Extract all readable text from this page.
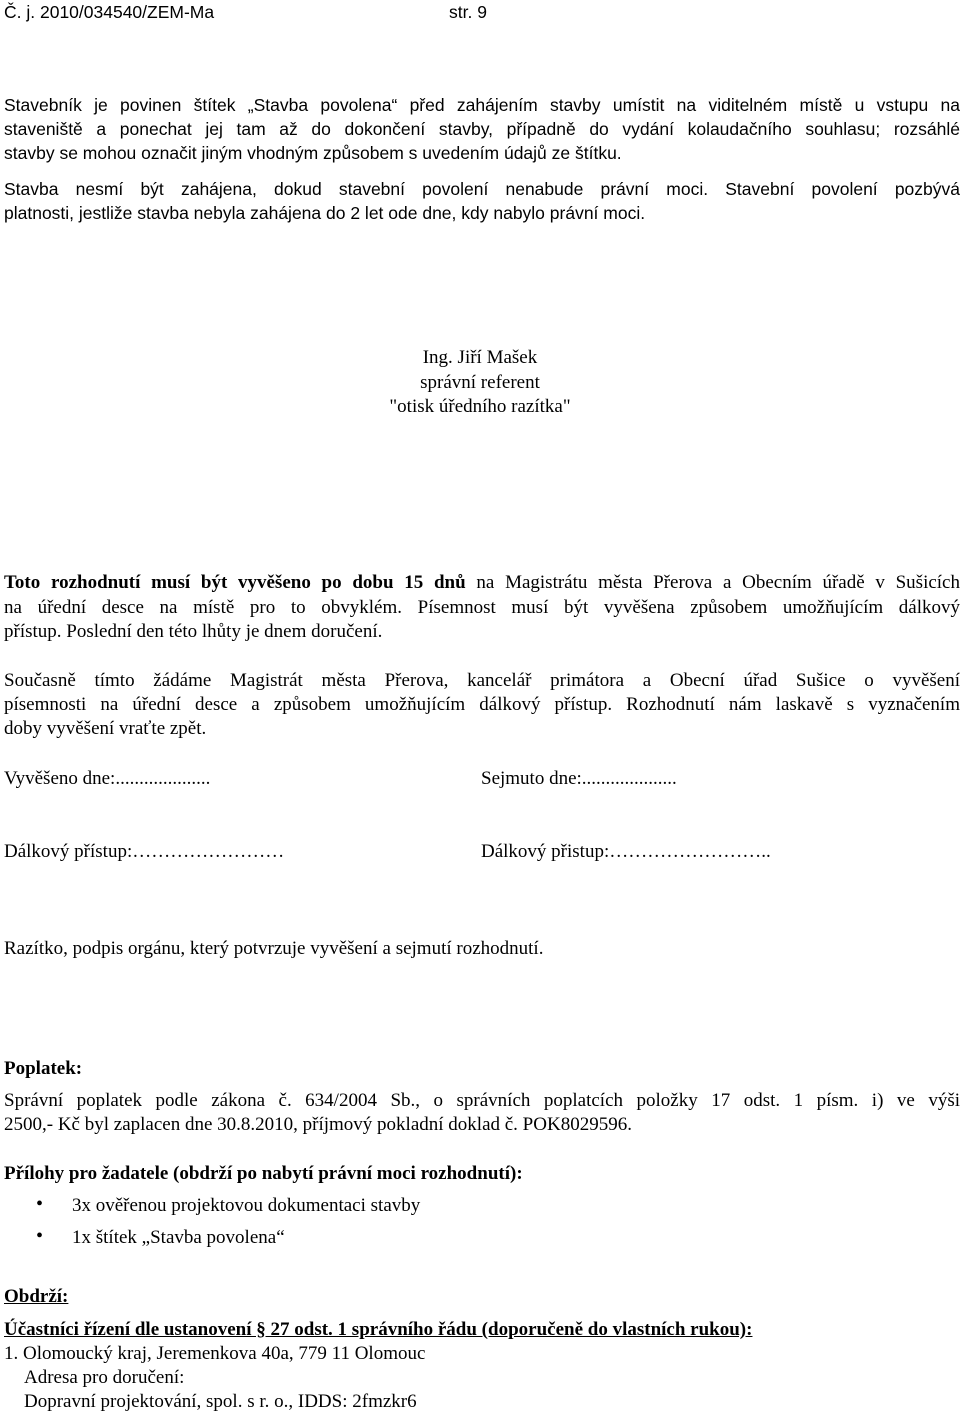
Č. j. 2010/034540/ZEM-Ma	str. 9
Stavebník je povinen štítek „Stavba povolena“ před zahájením stavby umístit na viditelném místě u vstupu na
staveniště a ponechat jej tam až do dokončení stavby, případně do vydání kolaudačního souhlasu; rozsáhlé
stavby se mohou označit jiným vhodným způsobem s uvedením údajů ze štítku.
Stavba nesmí být zahájena, dokud stavební povolení nenabude právní moci. Stavební povolení pozbývá
platnosti, jestliže stavba nebyla zahájena do 2 let ode dne, kdy nabylo právní moci.
Ing. Jiří Mašek
správní referent
"otisk úředního razítka"
Toto rozhodnutí musí být vyvěšeno po dobu 15 dnů na Magistrátu města Přerova a Obecním úřadě v Sušicích
na úřední desce na místě pro to obvyklém. Písemnost musí být vyvěšena způsobem umožňujícím dálkový
přístup. Poslední den této lhůty je dnem doručení.
Současně tímto žádáme Magistrát města Přerova, kancelář primátora a Obecní úřad Sušice o vyvěšení
písemnosti na úřední desce a způsobem umožňujícím dálkový přístup. Rozhodnutí nám laskavě s vyznačením
doby vyvěšení vraťte zpět.
Vyvěšeno dne:....................	Sejmuto dne:....................
Dálkový přístup:……………………	Dálkový přistup:……………………..
Razítko, podpis orgánu, který potvrzuje vyvěšení a sejmutí rozhodnutí.
Poplatek:
Správní poplatek podle zákona č. 634/2004 Sb., o správních poplatcích položky 17 odst. 1 písm. i) ve výši
2500,- Kč byl zaplacen dne 30.8.2010, příjmový pokladní doklad č. POK8029596.
Přílohy pro žadatele (obdrží po nabytí právní moci rozhodnutí):
• 3x ověřenou projektovou dokumentaci stavby
• 1x štítek „Stavba povolena“
Obdrží:
Účastníci řízení dle ustanovení § 27 odst. 1 správního řádu (doporučeně do vlastních rukou):
1. Olomoucký kraj, Jeremenkova 40a, 779 11 Olomouc
Adresa pro doručení:
Dopravní projektování, spol. s r. o., IDDS: 2fmzkr6
